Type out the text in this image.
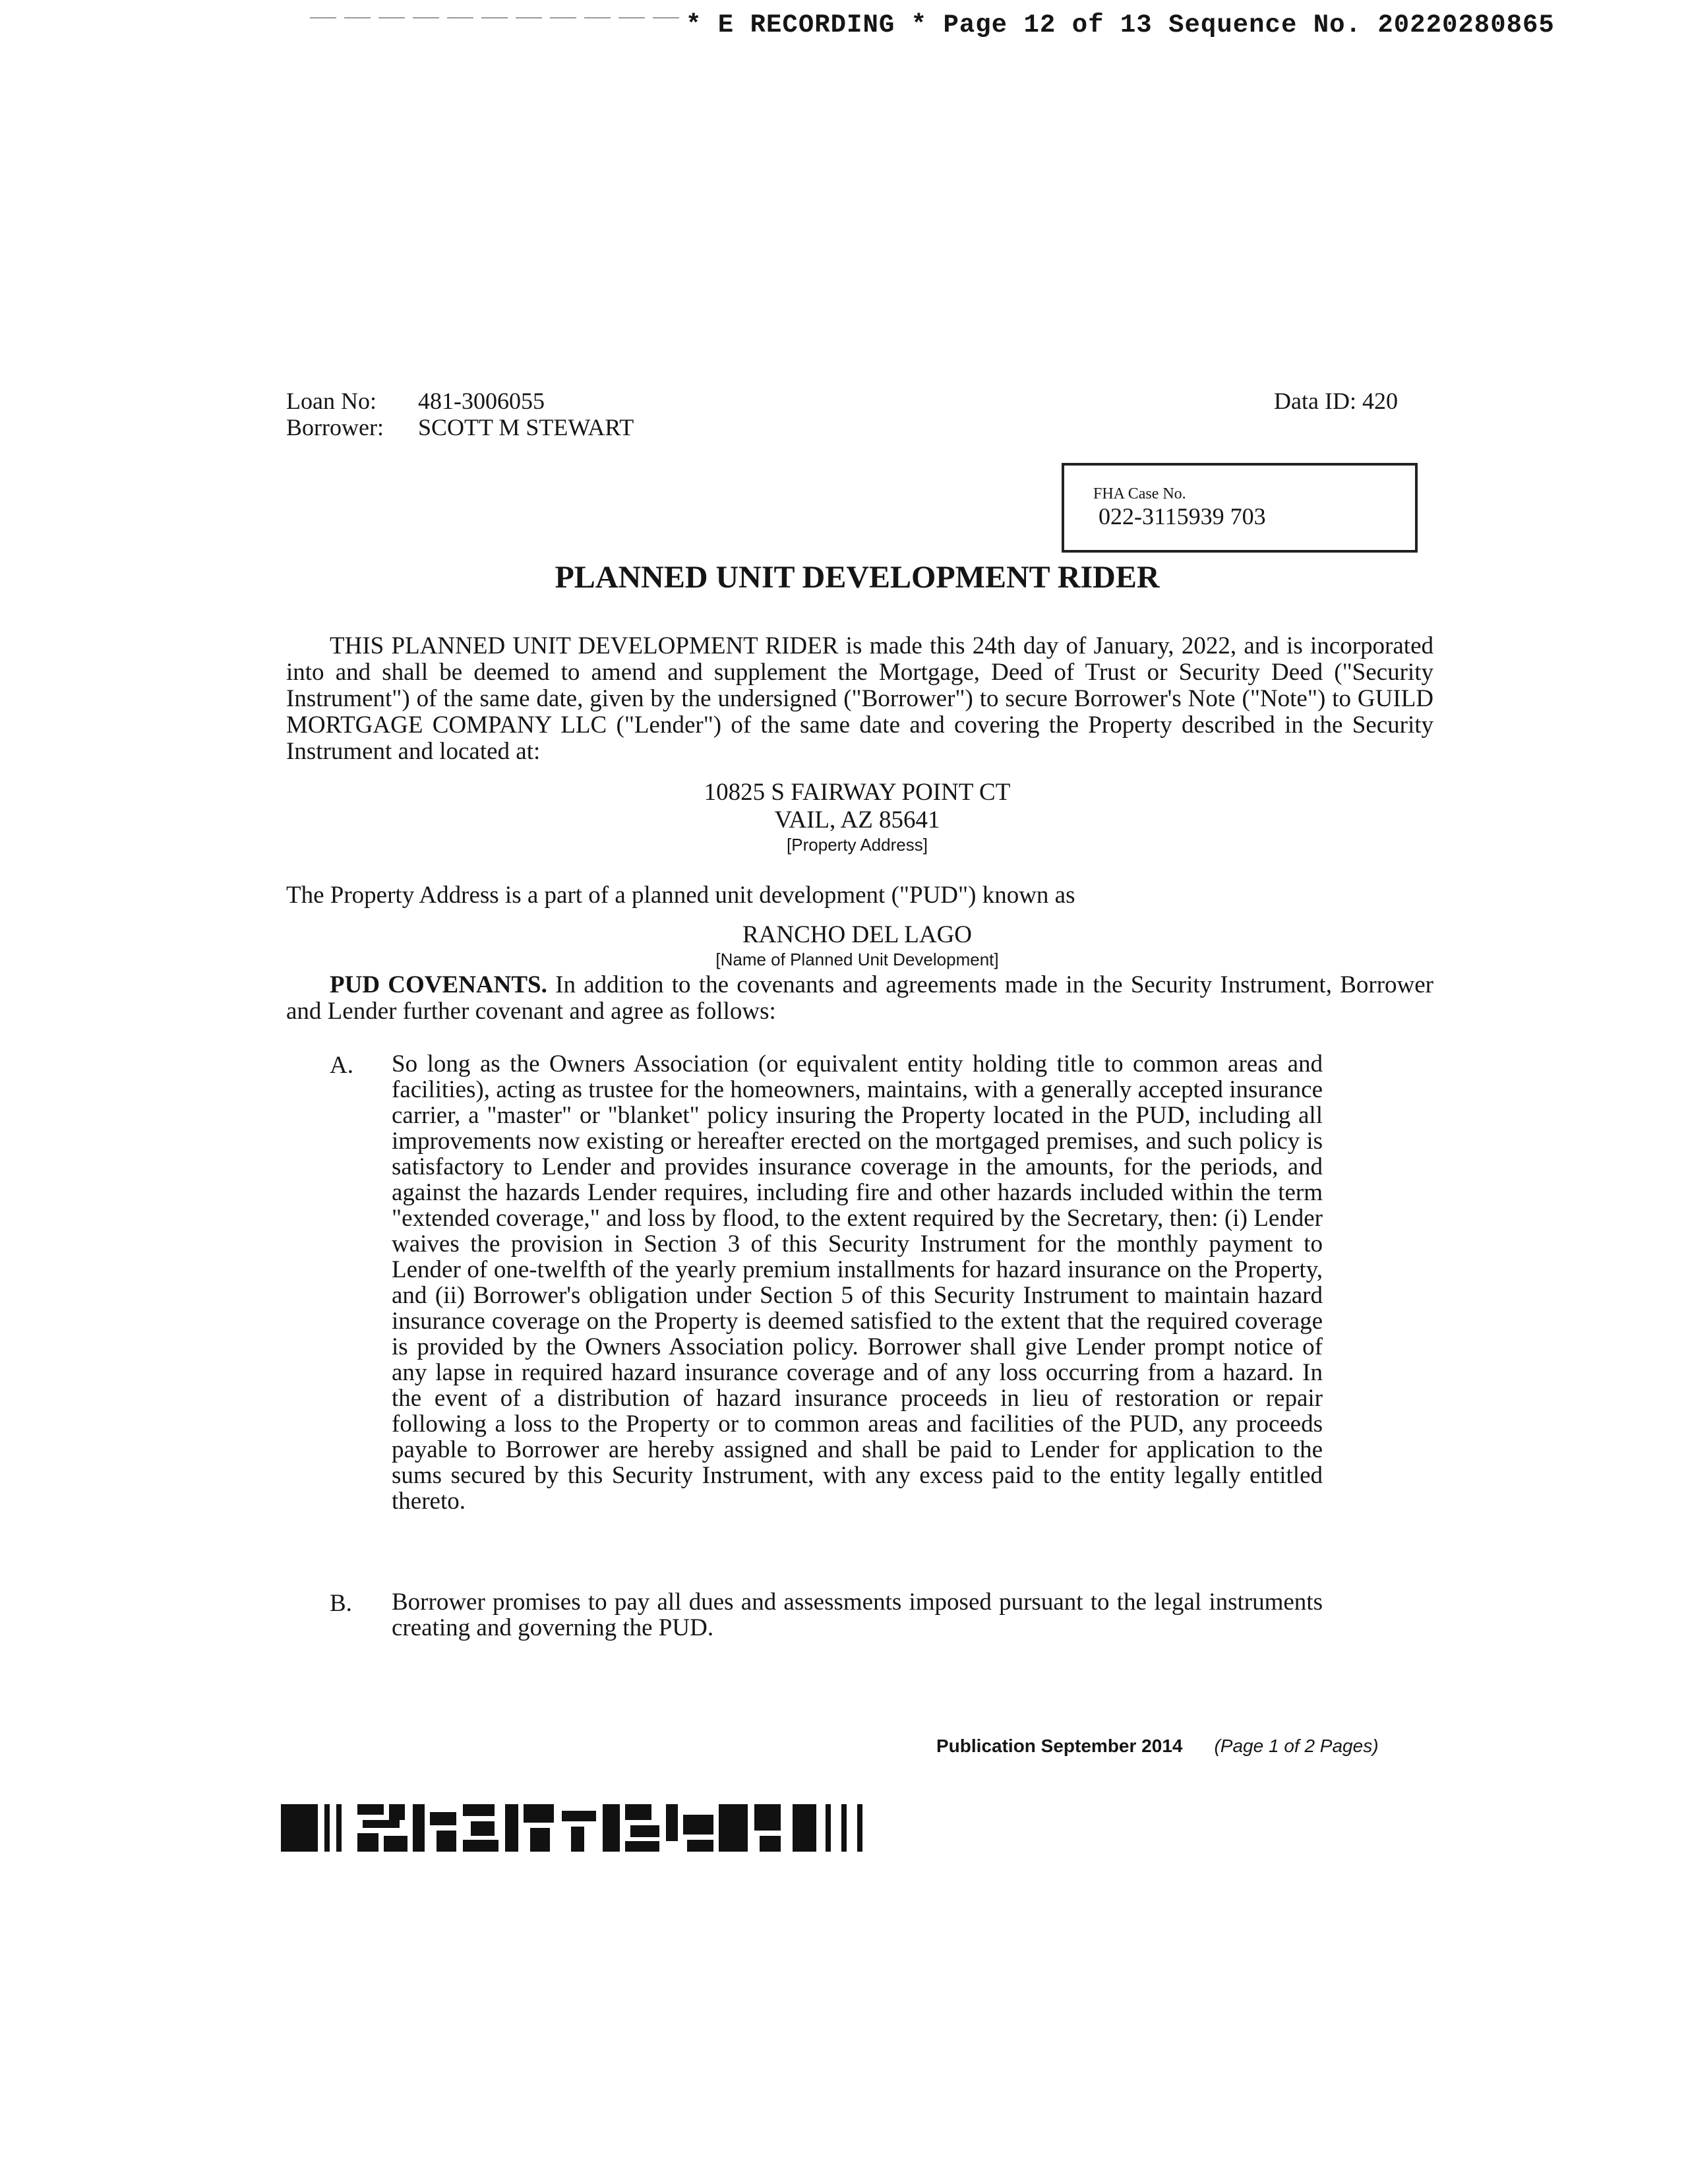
* E RECORDING * Page 12 of 13 Sequence No. 20220280865
Loan No: 481-3006055
Borrower: SCOTT M STEWART
Data ID: 420
FHA Case No.
022-3115939 703
PLANNED UNIT DEVELOPMENT RIDER
THIS PLANNED UNIT DEVELOPMENT RIDER is made this 24th day of January, 2022, and is incorporated into and shall be deemed to amend and supplement the Mortgage, Deed of Trust or Security Deed ("Security Instrument") of the same date, given by the undersigned ("Borrower") to secure Borrower's Note ("Note") to GUILD MORTGAGE COMPANY LLC ("Lender") of the same date and covering the Property described in the Security Instrument and located at:
10825 S FAIRWAY POINT CT
VAIL, AZ 85641
[Property Address]
The Property Address is a part of a planned unit development ("PUD") known as
RANCHO DEL LAGO
[Name of Planned Unit Development]
PUD COVENANTS. In addition to the covenants and agreements made in the Security Instrument, Borrower and Lender further covenant and agree as follows:
A. So long as the Owners Association (or equivalent entity holding title to common areas and facilities), acting as trustee for the homeowners, maintains, with a generally accepted insurance carrier, a "master" or "blanket" policy insuring the Property located in the PUD, including all improvements now existing or hereafter erected on the mortgaged premises, and such policy is satisfactory to Lender and provides insurance coverage in the amounts, for the periods, and against the hazards Lender requires, including fire and other hazards included within the term "extended coverage," and loss by flood, to the extent required by the Secretary, then: (i) Lender waives the provision in Section 3 of this Security Instrument for the monthly payment to Lender of one-twelfth of the yearly premium installments for hazard insurance on the Property, and (ii) Borrower's obligation under Section 5 of this Security Instrument to maintain hazard insurance coverage on the Property is deemed satisfied to the extent that the required coverage is provided by the Owners Association policy. Borrower shall give Lender prompt notice of any lapse in required hazard insurance coverage and of any loss occurring from a hazard. In the event of a distribution of hazard insurance proceeds in lieu of restoration or repair following a loss to the Property or to common areas and facilities of the PUD, any proceeds payable to Borrower are hereby assigned and shall be paid to Lender for application to the sums secured by this Security Instrument, with any excess paid to the entity legally entitled thereto.
B. Borrower promises to pay all dues and assessments imposed pursuant to the legal instruments creating and governing the PUD.
Publication September 2014 (Page 1 of 2 Pages)
